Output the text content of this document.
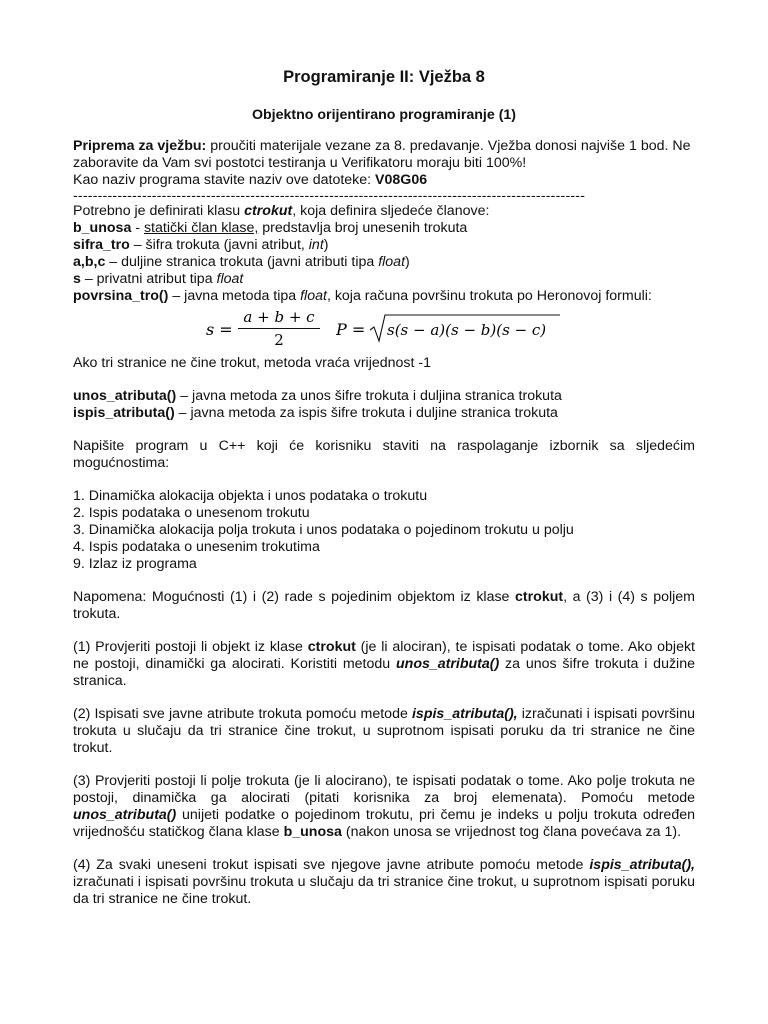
Programiranje II: Vježba 8
Objektno orijentirano programiranje (1)

Priprema za vježbu: proučiti materijale vezane za 8. predavanje. Vježba donosi najviše 1 bod. Ne zaboravite da Vam svi postotci testiranja u Verifikatoru moraju biti 100%!

Kao naziv programa stavite naziv ove datoteke: V08G06

--------------------------------------------------------------------------------------------------------

Potrebno je definirati klasu ctrokut, koja definira sljedeće članove:

b_unosa - statički član klase, predstavlja broj unesenih trokuta

sifra_tro – šifra trokuta (javni atribut, int)

a,b,c – duljine stranica trokuta (javni atributi tipa float)

s – privatni atribut tipa float

povrsina_tro() – javna metoda tipa float, koja računa površinu trokuta po Heronovoj formuli:

s =
a + b + c
2
P = s(s − a)(s − b)(s − c)

Ako tri stranice ne čine trokut, metoda vraća vrijednost -1

unos_atributa() – javna metoda za unos šifre trokuta i duljina stranica trokuta

ispis_atributa() – javna metoda za ispis šifre trokuta i duljine stranica trokuta

Napišite program u C++ koji će korisniku staviti na raspolaganje izbornik sa sljedećim mogućnostima:

1. Dinamička alokacija objekta i unos podataka o trokutu

2. Ispis podataka o unesenom trokutu

3. Dinamička alokacija polja trokuta i unos podataka o pojedinom trokutu u polju

4. Ispis podataka o unesenim trokutima

9. Izlaz iz programa

Napomena: Mogućnosti (1) i (2) rade s pojedinim objektom iz klase ctrokut, a (3) i (4) s poljem trokuta.

(1) Provjeriti postoji li objekt iz klase ctrokut (je li alociran), te ispisati podatak o tome. Ako objekt ne postoji, dinamički ga alocirati. Koristiti metodu unos_atributa() za unos šifre trokuta i dužine stranica.

(2) Ispisati sve javne atribute trokuta pomoću metode ispis_atributa(), izračunati i ispisati površinu trokuta u slučaju da tri stranice čine trokut, u suprotnom ispisati poruku da tri stranice ne čine trokut.

(3) Provjeriti postoji li polje trokuta (je li alocirano), te ispisati podatak o tome. Ako polje trokuta ne postoji, dinamička ga alocirati (pitati korisnika za broj elemenata). Pomoću metode unos_atributa() unijeti podatke o pojedinom trokutu, pri čemu je indeks u polju trokuta određen vrijednošću statičkog člana klase b_unosa (nakon unosa se vrijednost tog člana povećava za 1).

(4) Za svaki uneseni trokut ispisati sve njegove javne atribute pomoću metode ispis_atributa(), izračunati i ispisati površinu trokuta u slučaju da tri stranice čine trokut, u suprotnom ispisati poruku da tri stranice ne čine trokut.
